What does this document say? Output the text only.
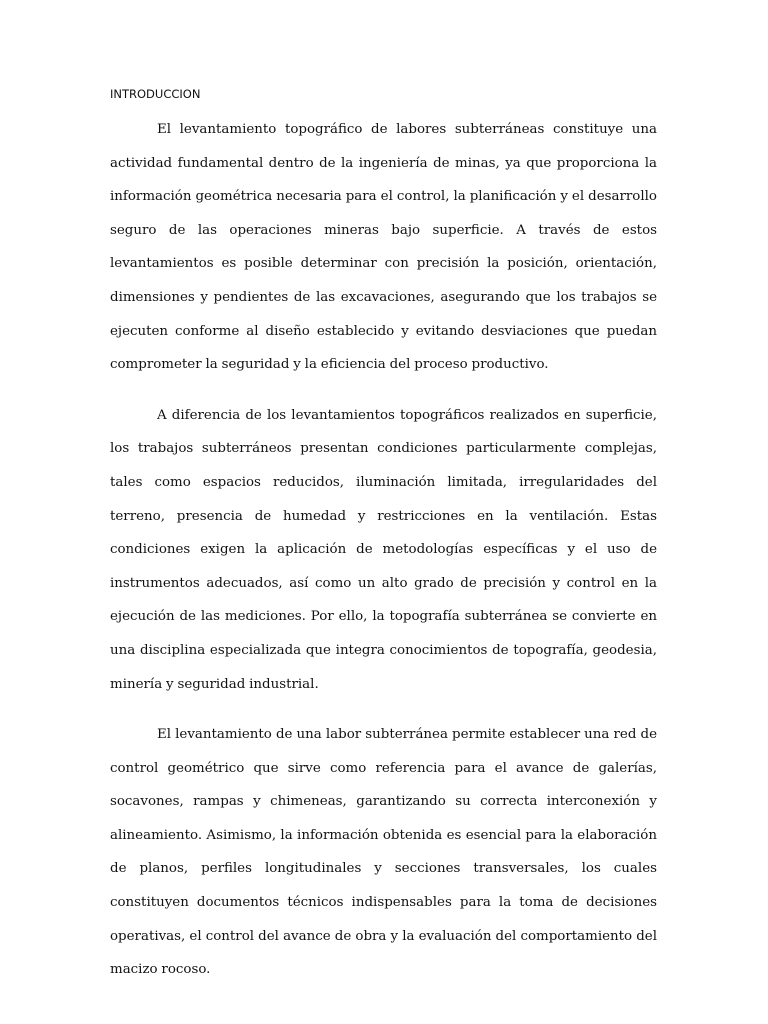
INTRODUCCION

El levantamiento topográfico de labores subterráneas constituye una actividad fundamental dentro de la ingeniería de minas, ya que proporciona la información geométrica necesaria para el control, la planificación y el desarrollo seguro de las operaciones mineras bajo superficie. A través de estos levantamientos es posible determinar con precisión la posición, orientación, dimensiones y pendientes de las excavaciones, asegurando que los trabajos se ejecuten conforme al diseño establecido y evitando desviaciones que puedan comprometer la seguridad y la eficiencia del proceso productivo.

A diferencia de los levantamientos topográficos realizados en superficie, los trabajos subterráneos presentan condiciones particularmente complejas, tales como espacios reducidos, iluminación limitada, irregularidades del terreno, presencia de humedad y restricciones en la ventilación. Estas condiciones exigen la aplicación de metodologías específicas y el uso de instrumentos adecuados, así como un alto grado de precisión y control en la ejecución de las mediciones. Por ello, la topografía subterránea se convierte en una disciplina especializada que integra conocimientos de topografía, geodesia, minería y seguridad industrial.

El levantamiento de una labor subterránea permite establecer una red de control geométrico que sirve como referencia para el avance de galerías, socavones, rampas y chimeneas, garantizando su correcta interconexión y alineamiento. Asimismo, la información obtenida es esencial para la elaboración de planos, perfiles longitudinales y secciones transversales, los cuales constituyen documentos técnicos indispensables para la toma de decisiones operativas, el control del avance de obra y la evaluación del comportamiento del macizo rocoso.
